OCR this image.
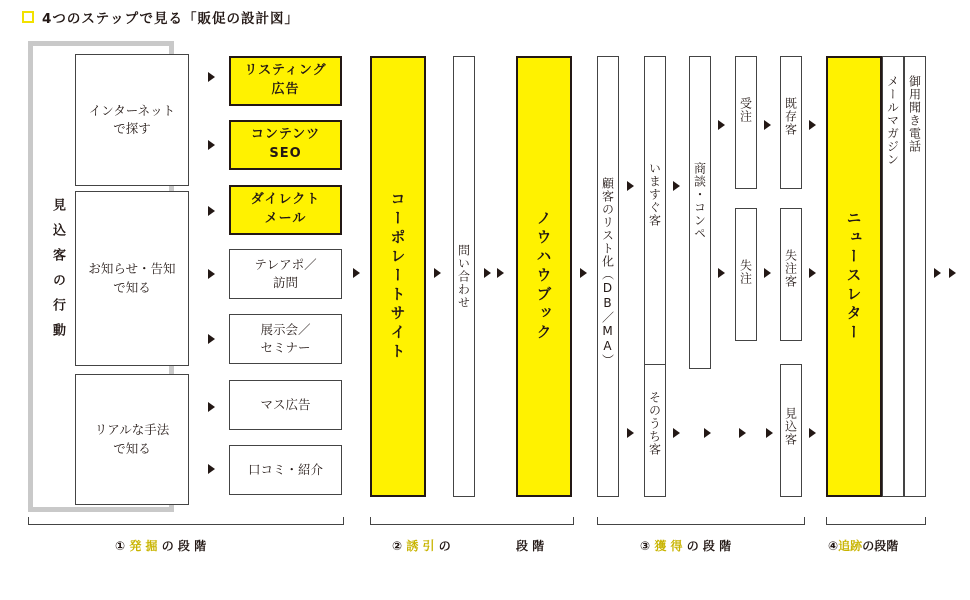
4つのステップで見る「販促の設計図」
見込客の行動
インターネット
で探す
お知らせ・告知
で知る
リアルな手法
で知る
リスティング
広告
コンテンツ
SEO
ダイレクト
メール
テレアポ／
訪問
展示会／
セミナー
マス広告
口コミ・紹介
コーポレートサイト	問い合わせ	ノウハウブック	顧客のリスト化（DB／MA）	いますぐ客
そのうち客
商談・コンペ
受注
失注
既存客
失注客
見込客
ニュースレター
メールマガジン 御用聞き電話
① 発 掘 の 段 階	② 誘 引 の	段 階	③ 獲 得 の 段 階	④追跡の段階
